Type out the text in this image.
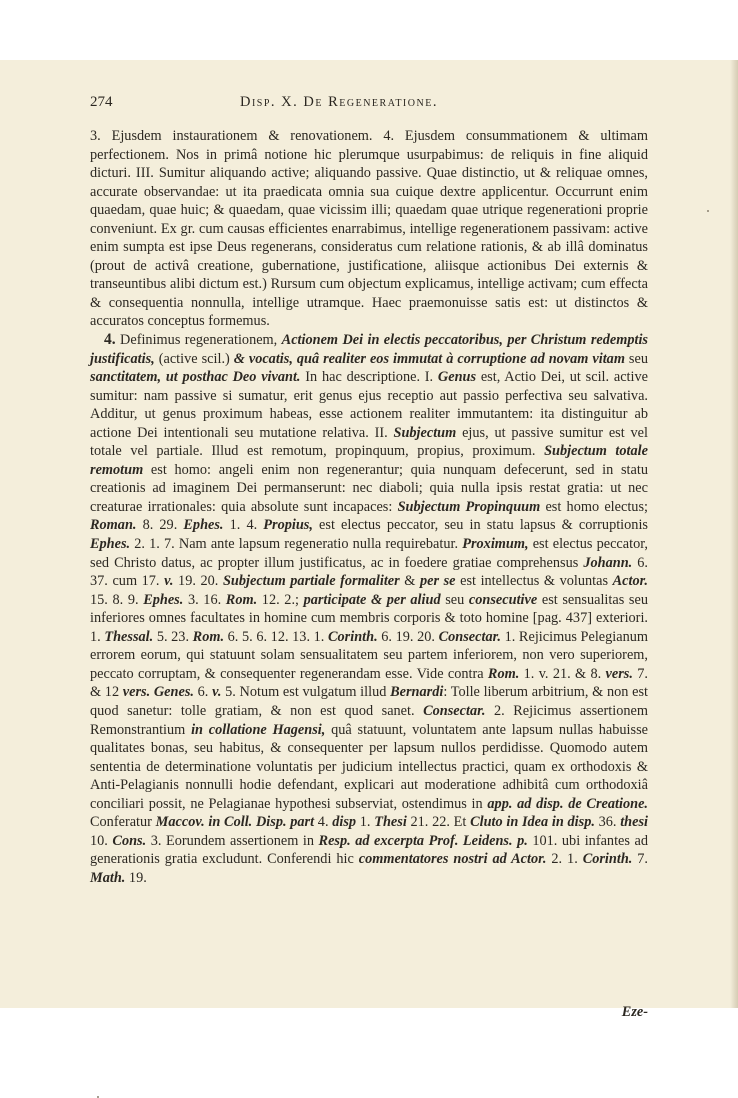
274	Disp. X. De Regeneratione.

3. Ejusdem instaurationem & renovationem. 4. Ejusdem consummationem & ultimam perfectionem. Nos in primâ notione hic plerumque usurpabimus: de reliquis in fine aliquid dicturi. III. Sumitur aliquando active; aliquando passive. Quae distinctio, ut & reliquae omnes, accurate observandae: ut ita praedicata omnia sua cuique dextre applicentur. Occurrunt enim quaedam, quae huic; & quaedam, quae vicissim illi; quaedam quae utrique regenerationi proprie conveniunt. Ex gr. cum causas efficientes enarrabimus, intellige regenerationem passivam: active enim sumpta est ipse Deus regenerans, consideratus cum relatione rationis, & ab illâ dominatus (prout de activâ creatione, gubernatione, justificatione, aliisque actionibus Dei externis & transeuntibus alibi dictum est.) Rursum cum objectum explicamus, intellige activam; cum effecta & consequentia nonnulla, intellige utramque. Haec praemonuisse satis est: ut distinctos & accuratos conceptus formemus.

4. Definimus regenerationem, Actionem Dei in electis peccatoribus, per Christum redemptis justificatis, (active scil.) & vocatis, quâ realiter eos immutat à corruptione ad novam vitam seu sanctitatem, ut posthac Deo vivant. In hac descriptione. I. Genus est, Actio Dei, ut scil. active sumitur: nam passive si sumatur, erit genus ejus receptio aut passio perfectiva seu salvativa. Additur, ut genus proximum habeas, esse actionem realiter immutantem: ita distinguitur ab actione Dei intentionali seu mutatione relativa. II. Subjectum ejus, ut passive sumitur est vel totale vel partiale. Illud est remotum, propinquum, propius, proximum. Subjectum totale remotum est homo: angeli enim non regenerantur; quia nunquam defecerunt, sed in statu creationis ad imaginem Dei permanserunt: nec diaboli; quia nulla ipsis restat gratia: ut nec creaturae irrationales: quia absolute sunt incapaces: Subjectum Propinquum est homo electus; Roman. 8. 29. Ephes. 1. 4. Propius, est electus peccator, seu in statu lapsus & corruptionis Ephes. 2. 1. 7. Nam ante lapsum regeneratio nulla requirebatur. Proximum, est electus peccator, sed Christo datus, ac propter illum justificatus, ac in foedere gratiae comprehensus Johann. 6. 37. cum 17. v. 19. 20. Subjectum partiale formaliter & per se est intellectus & voluntas Actor. 15. 8. 9. Ephes. 3. 16. Rom. 12. 2.; participate & per aliud seu consecutive est sensualitas seu inferiores omnes facultates in homine cum membris corporis & toto homine [pag. 437] exteriori. 1. Thessal. 5. 23. Rom. 6. 5. 6. 12. 13. 1. Corinth. 6. 19. 20. Consectar. 1. Rejicimus Pelegianum errorem eorum, qui statuunt solam sensualitatem seu partem inferiorem, non vero superiorem, peccato corruptam, & consequenter regenerandam esse. Vide contra Rom. 1. v. 21. & 8. vers. 7. & 12 vers. Genes. 6. v. 5. Notum est vulgatum illud Bernardi: Tolle liberum arbitrium, & non est quod sanetur: tolle gratiam, & non est quod sanet. Consectar. 2. Rejicimus assertionem Remonstrantium in collatione Hagensi, quâ statuunt, voluntatem ante lapsum nullas habuisse qualitates bonas, seu habitus, & consequenter per lapsum nullos perdidisse. Quomodo autem sententia de determinatione voluntatis per judicium intellectus practici, quam ex orthodoxis & Anti-Pelagianis nonnulli hodie defendant, explicari aut moderatione adhibitâ cum orthodoxiâ conciliari possit, ne Pelagianae hypothesi subserviat, ostendimus in app. ad disp. de Creatione. Conferatur Maccov. in Coll. Disp. part 4. disp 1. Thesi 21. 22. Et Cluto in Idea in disp. 36. thesi 10. Cons. 3. Eorundem assertionem in Resp. ad excerpta Prof. Leidens. p. 101. ubi infantes ad generationis gratia excludunt. Conferendi hic commentatores nostri ad Actor. 2. 1. Corinth. 7. Math. 19.

Eze-
